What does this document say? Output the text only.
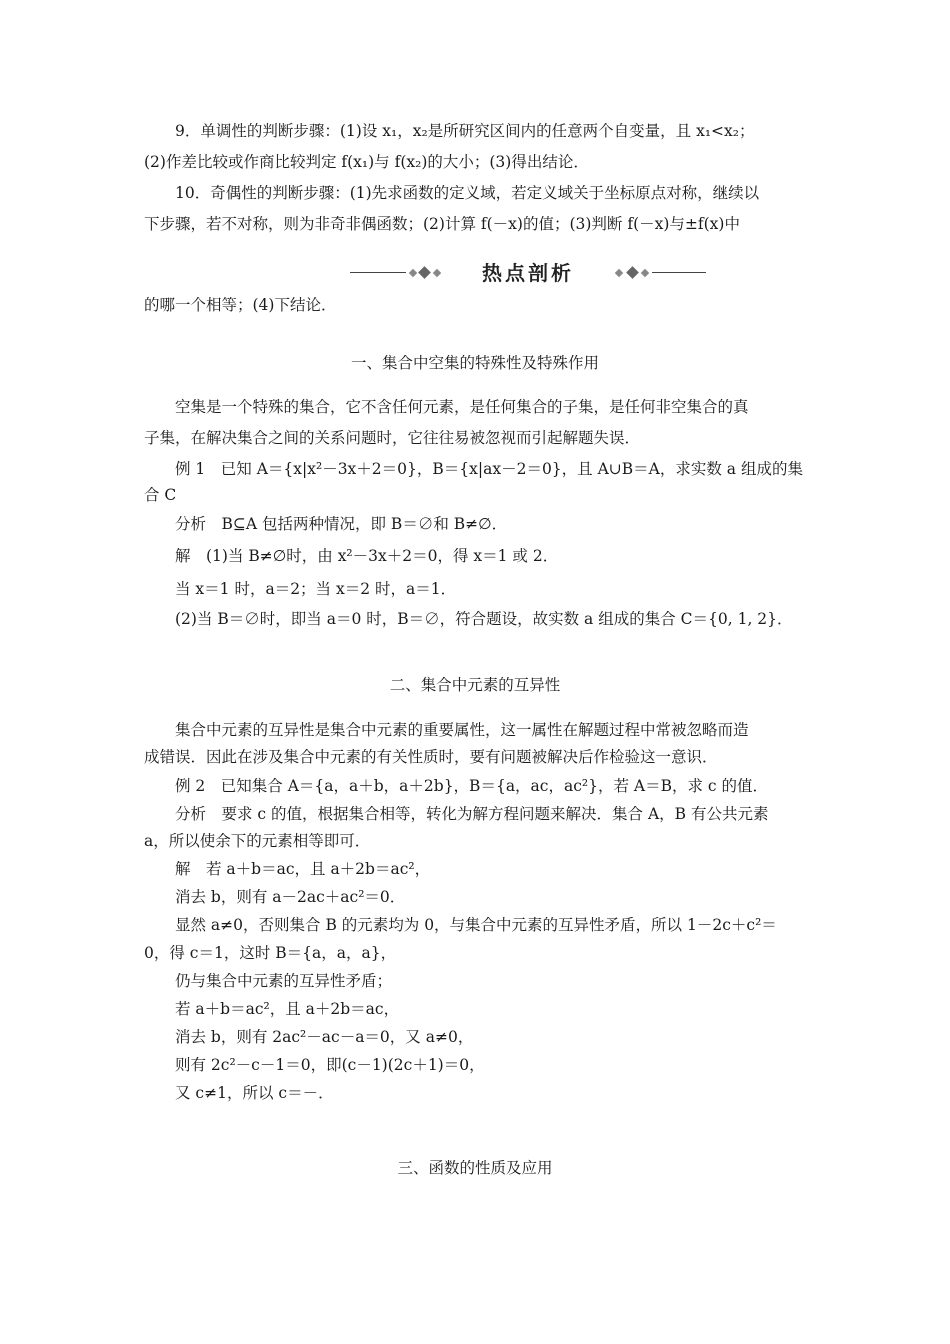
9．单调性的判断步骤：(1)设 x₁，x₂是所研究区间内的任意两个自变量，且 x₁<x₂；
(2)作差比较或作商比较判定 f(x₁)与 f(x₂)的大小；(3)得出结论．
10．奇偶性的判断步骤：(1)先求函数的定义域，若定义域关于坐标原点对称，继续以
下步骤，若不对称，则为非奇非偶函数；(2)计算 f(－x)的值；(3)判断 f(－x)与±f(x)中
热点剖析
的哪一个相等；(4)下结论．
一、集合中空集的特殊性及特殊作用
空集是一个特殊的集合，它不含任何元素，是任何集合的子集，是任何非空集合的真
子集，在解决集合之间的关系问题时，它往往易被忽视而引起解题失误．
例 1　已知 A＝{x|x²－3x＋2＝0}，B＝{x|ax－2＝0}，且 A∪B＝A，求实数 a 组成的集
合 C
分析　B⊆A 包括两种情况，即 B＝∅和 B≠∅．
解　(1)当 B≠∅时，由 x²－3x＋2＝0，得 x＝1 或 2．
当 x＝1 时，a＝2；当 x＝2 时，a＝1．
(2)当 B＝∅时，即当 a＝0 时，B＝∅，符合题设，故实数 a 组成的集合 C＝{0, 1, 2}．
二、集合中元素的互异性
集合中元素的互异性是集合中元素的重要属性，这一属性在解题过程中常被忽略而造
成错误．因此在涉及集合中元素的有关性质时，要有问题被解决后作检验这一意识．
例 2　已知集合 A＝{a，a＋b，a＋2b}，B＝{a，ac，ac²}，若 A＝B，求 c 的值．
分析　要求 c 的值，根据集合相等，转化为解方程问题来解决．集合 A，B 有公共元素
a，所以使余下的元素相等即可．
解　若 a＋b＝ac，且 a＋2b＝ac²，
消去 b，则有 a－2ac＋ac²＝0．
显然 a≠0，否则集合 B 的元素均为 0，与集合中元素的互异性矛盾，所以 1－2c＋c²＝
0，得 c＝1，这时 B＝{a，a，a}，
仍与集合中元素的互异性矛盾；
若 a＋b＝ac²，且 a＋2b＝ac，
消去 b，则有 2ac²－ac－a＝0，又 a≠0，
则有 2c²－c－1＝0，即(c－1)(2c＋1)＝0，
又 c≠1，所以 c＝－．
三、函数的性质及应用
